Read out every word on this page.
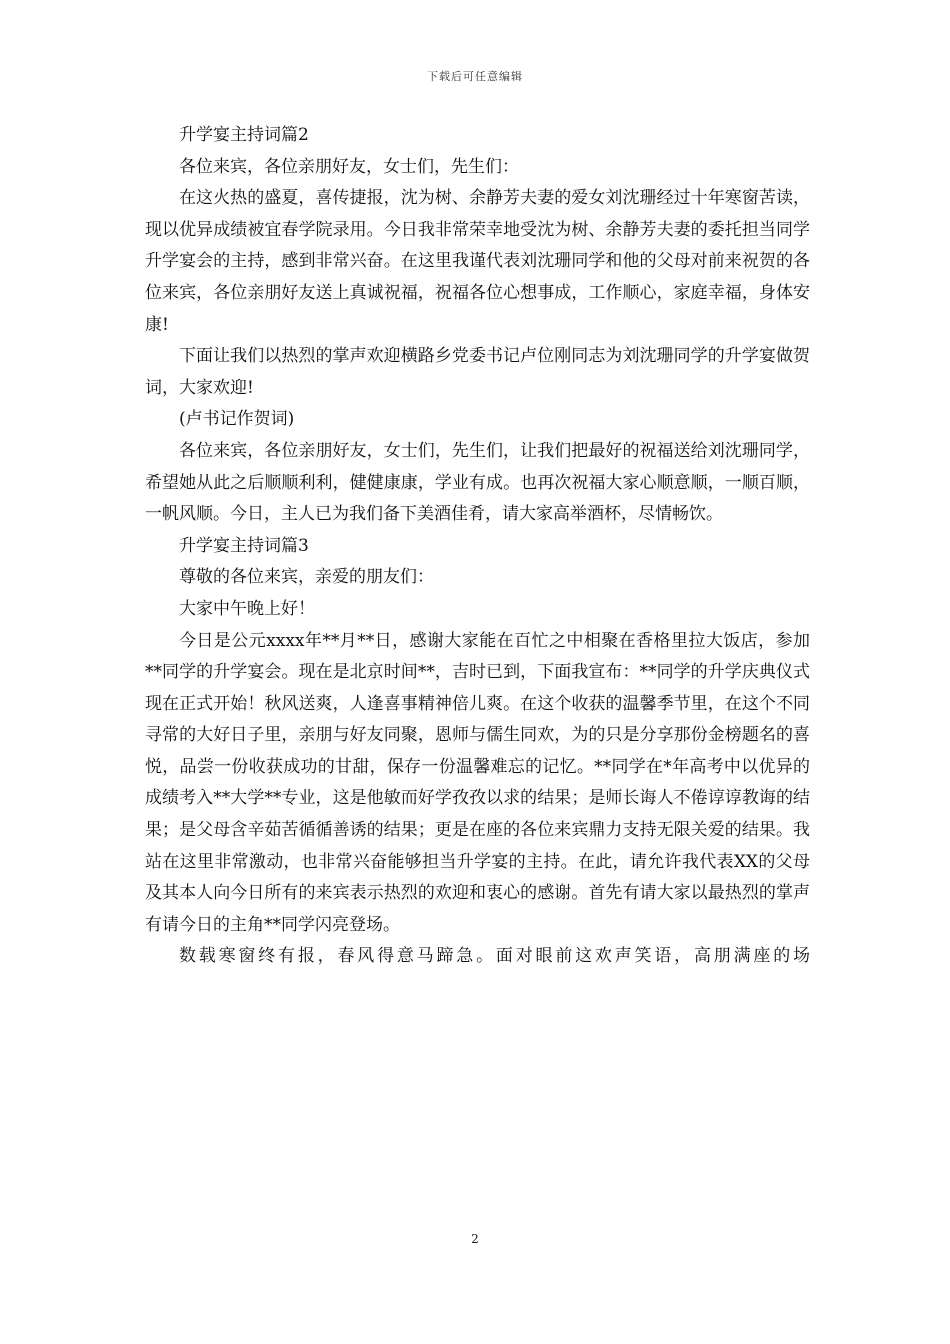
下载后可任意编辑

升学宴主持词篇2

各位来宾，各位亲朋好友，女士们，先生们：

在这火热的盛夏，喜传捷报，沈为树、余静芳夫妻的爱女刘沈珊经过十年寒窗苦读，现以优异成绩被宜春学院录用。今日我非常荣幸地受沈为树、余静芳夫妻的委托担当同学升学宴会的主持，感到非常兴奋。在这里我谨代表刘沈珊同学和他的父母对前来祝贺的各位来宾，各位亲朋好友送上真诚祝福，祝福各位心想事成，工作顺心，家庭幸福，身体安康!

下面让我们以热烈的掌声欢迎横路乡党委书记卢位刚同志为刘沈珊同学的升学宴做贺词，大家欢迎!

(卢书记作贺词)

各位来宾，各位亲朋好友，女士们，先生们，让我们把最好的祝福送给刘沈珊同学，希望她从此之后顺顺利利，健健康康，学业有成。也再次祝福大家心顺意顺，一顺百顺，一帆风顺。今日，主人已为我们备下美酒佳肴，请大家高举酒杯，尽情畅饮。

升学宴主持词篇3

尊敬的各位来宾，亲爱的朋友们：

大家中午晚上好！

今日是公元xxxx年**月**日，感谢大家能在百忙之中相聚在香格里拉大饭店，参加**同学的升学宴会。现在是北京时间**，吉时已到，下面我宣布：**同学的升学庆典仪式现在正式开始！秋风送爽，人逢喜事精神倍儿爽。在这个收获的温馨季节里，在这个不同寻常的大好日子里，亲朋与好友同聚，恩师与儒生同欢，为的只是分享那份金榜题名的喜悦，品尝一份收获成功的甘甜，保存一份温馨难忘的记忆。**同学在*年高考中以优异的成绩考入**大学**专业，这是他敏而好学孜孜以求的结果；是师长诲人不倦谆谆教诲的结果；是父母含辛茹苦循循善诱的结果；更是在座的各位来宾鼎力支持无限关爱的结果。我站在这里非常激动，也非常兴奋能够担当升学宴的主持。在此，请允许我代表XX的父母及其本人向今日所有的来宾表示热烈的欢迎和衷心的感谢。首先有请大家以最热烈的掌声有请今日的主角**同学闪亮登场。

数载寒窗终有报，春风得意马蹄急。面对眼前这欢声笑语，高朋满座的场

2
